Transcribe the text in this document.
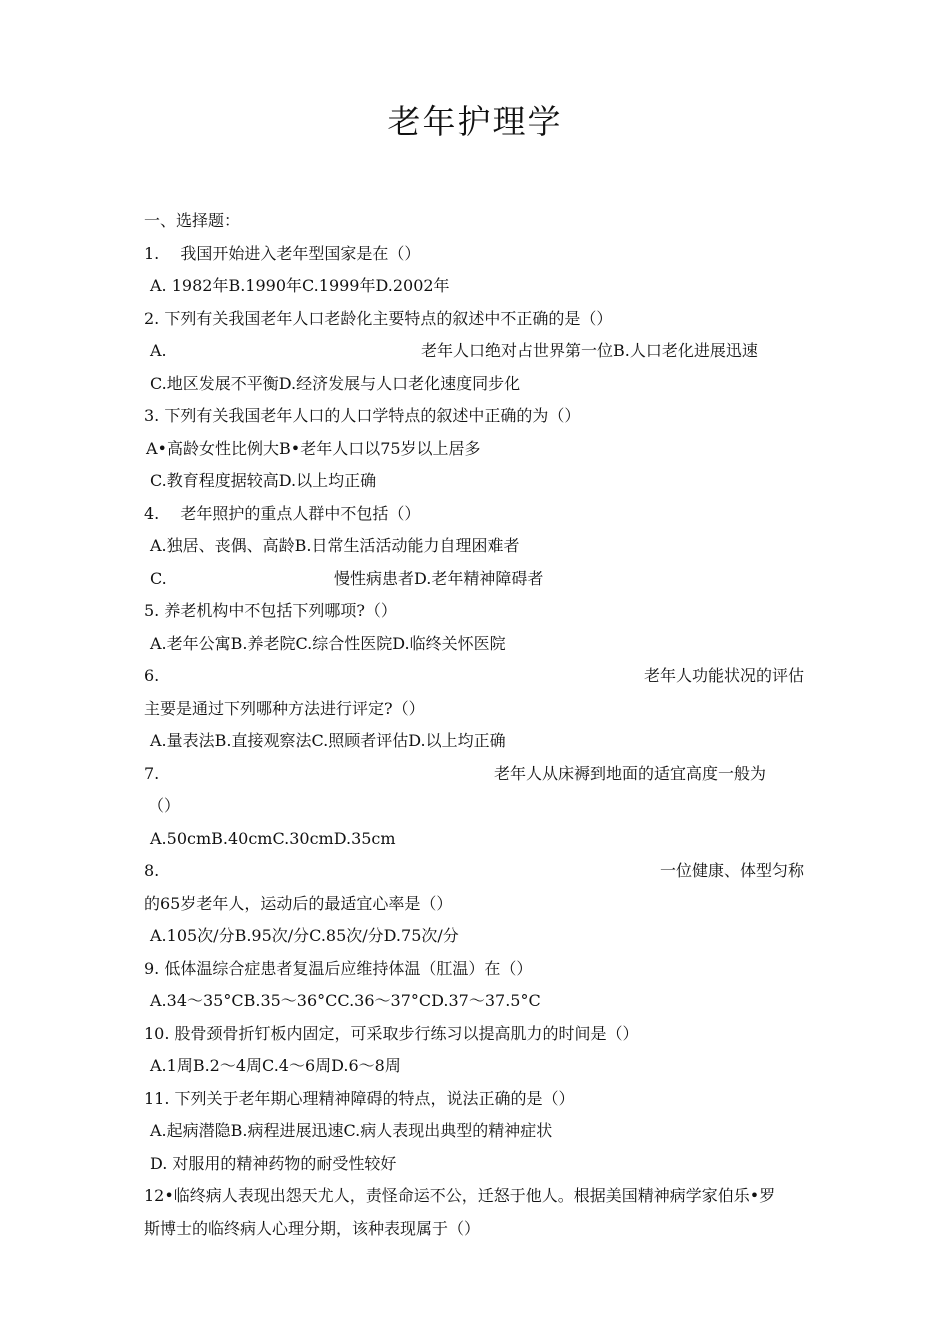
老年护理学
一、选择题：
1.　 我国开始进入老年型国家是在（）
A. 1982年B.1990年C.1999年D.2002年
2. 下列有关我国老年人口老龄化主要特点的叙述中不正确的是（）
A.	老年人口绝对占世界第一位B.人口老化进展迅速
C.地区发展不平衡D.经济发展与人口老化速度同步化
3. 下列有关我国老年人口的人口学特点的叙述中正确的为（）
A•高龄女性比例大B•老年人口以75岁以上居多
C.教育程度据较高D.以上均正确
4.　 老年照护的重点人群中不包括（）
A.独居、丧偶、高龄B.日常生活活动能力自理困难者
C.	慢性病患者D.老年精神障碍者
5. 养老机构中不包括下列哪项?（）
A.老年公寓B.养老院C.综合性医院D.临终关怀医院
6.	老年人功能状况的评估
主要是通过下列哪种方法进行评定?（）
A.量表法B.直接观察法C.照顾者评估D.以上均正确
7.	老年人从床褥到地面的适宜高度一般为
（）
A.50cmB.40cmC.30cmD.35cm
8.	一位健康、体型匀称
的65岁老年人，运动后的最适宜心率是（）
A.105次/分B.95次/分C.85次/分D.75次/分
9. 低体温综合症患者复温后应维持体温（肛温）在（）
A.34〜35°CB.35〜36°CC.36〜37°CD.37〜37.5°C
10. 股骨颈骨折钉板内固定，可采取步行练习以提高肌力的时间是（）
A.1周B.2〜4周C.4〜6周D.6〜8周
11. 下列关于老年期心理精神障碍的特点，说法正确的是（）
A.起病潜隐B.病程进展迅速C.病人表现出典型的精神症状
D. 对服用的精神药物的耐受性较好
12•临终病人表现出怨天尤人，责怪命运不公，迁怒于他人。根据美国精神病学家伯乐•罗
斯博士的临终病人心理分期，该种表现属于（）
